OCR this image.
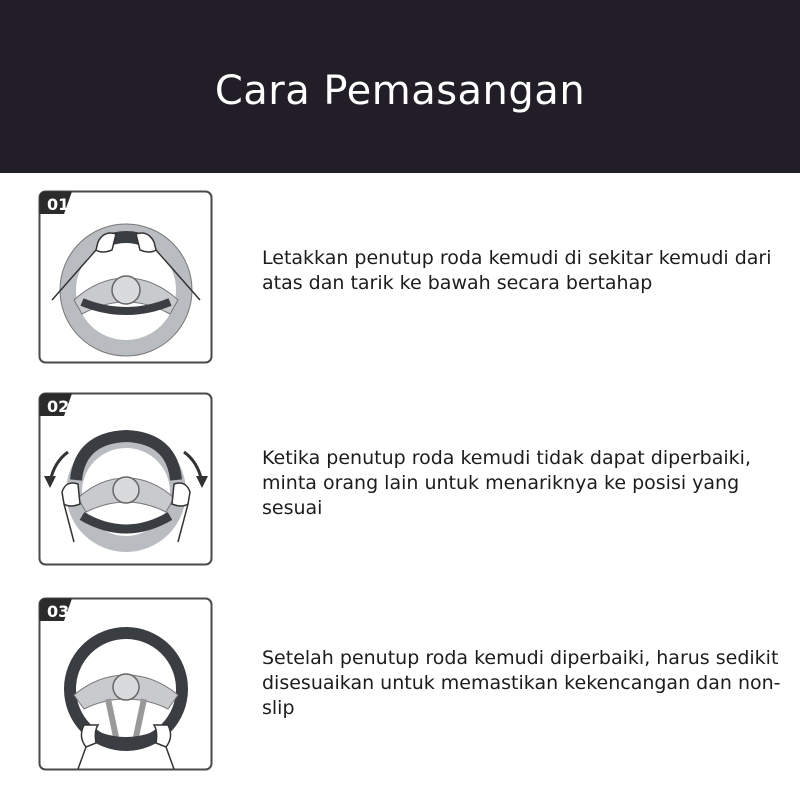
Cara Pemasangan
01
Letakkan penutup roda kemudi di sekitar kemudi dari atas dan tarik ke bawah secara bertahap
02
Ketika penutup roda kemudi tidak dapat diperbaiki, minta orang lain untuk menariknya ke posisi yang sesuai
03
Setelah penutup roda kemudi diperbaiki, harus sedikit disesuaikan untuk memastikan kekencangan dan non-slip
